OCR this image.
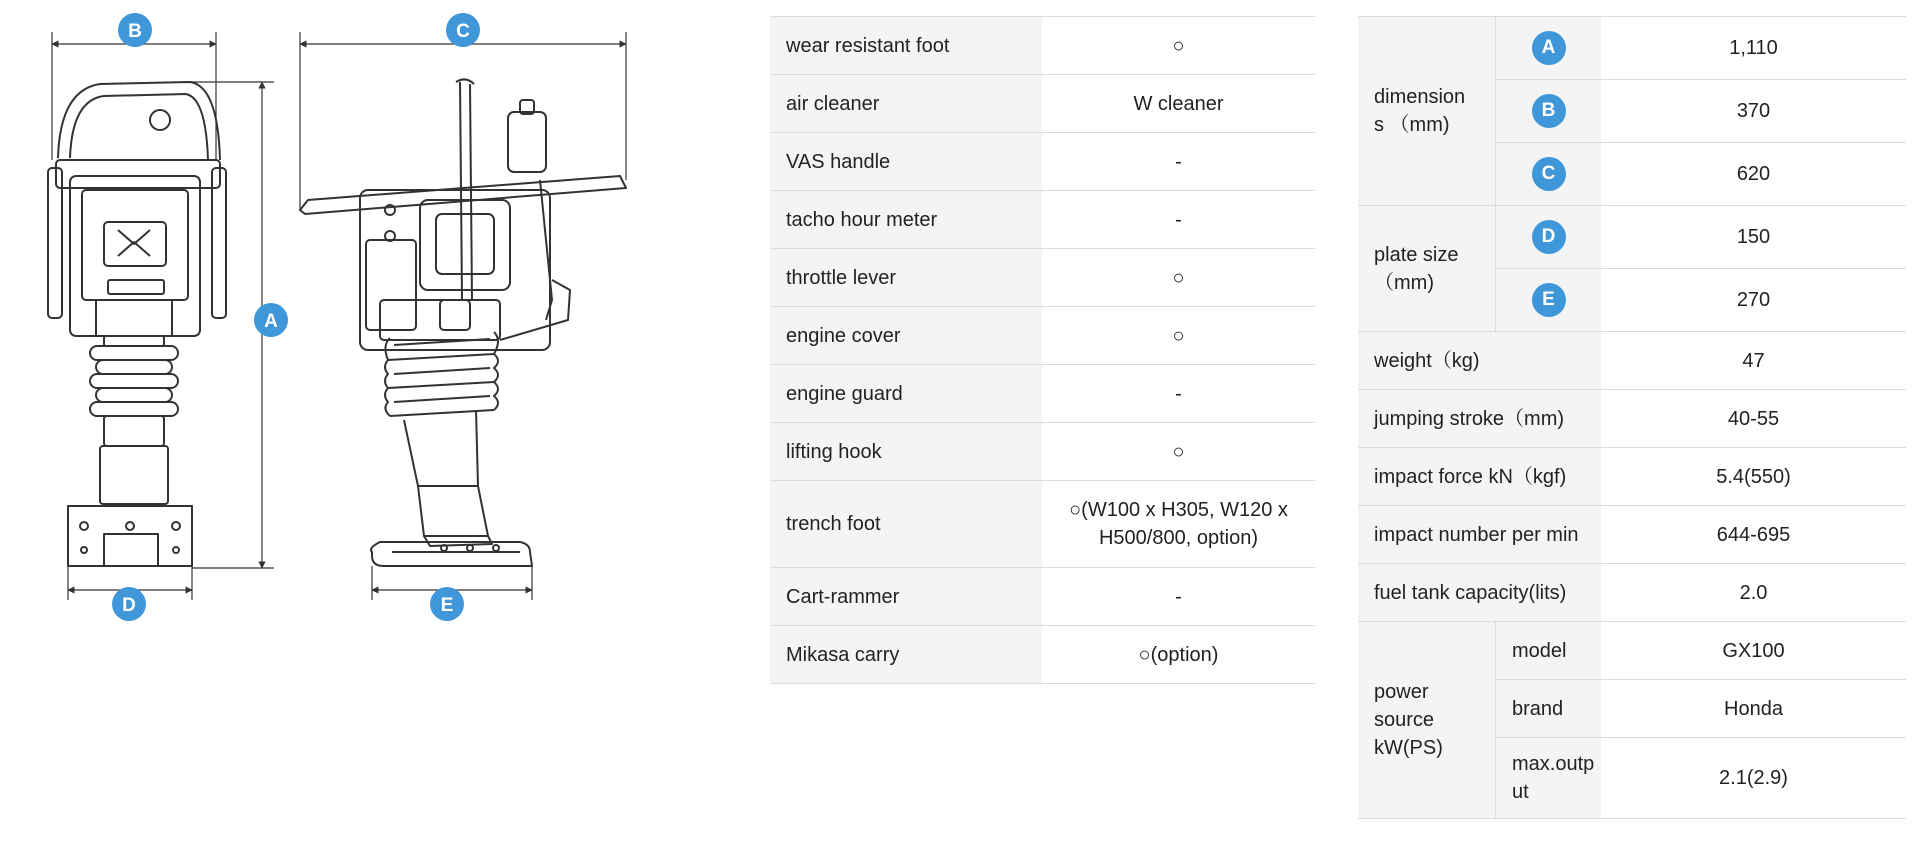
B	C
A
D	E
wear resistant foot	○
air cleaner	W cleaner
VAS handle	-
tacho hour meter	-
throttle lever	○
engine cover	○
engine guard	-
lifting hook	○
trench foot	○(W100 x H305, W120 x H500/800, option)
Cart-rammer	-
Mikasa carry	○(option)
dimension s （mm)	A	1,110
	B	370
	C	620
plate size （mm)	D	150
	E	270
weight（kg)		47
jumping stroke（mm)		40-55
impact force kN（kgf)		5.4(550)
impact number per min		644-695
fuel tank capacity(lits)		2.0
power source kW(PS)	model	GX100
	brand	Honda
	max.outp ut	2.1(2.9)
